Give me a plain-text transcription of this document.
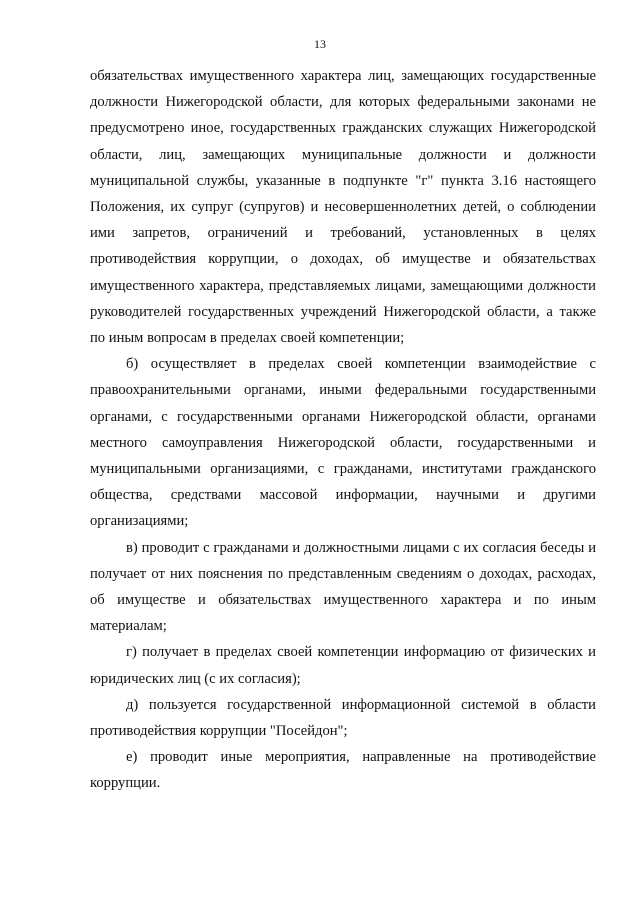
13

обязательствах имущественного характера лиц, замещающих государственные должности Нижегородской области, для которых федеральными законами не предусмотрено иное, государственных гражданских служащих Нижегородской области, лиц, замещающих муниципальные должности и должности муниципальной службы, указанные в подпункте "г" пункта 3.16 настоящего Положения, их супруг (супругов) и несовершеннолетних детей, о соблюдении ими запретов, ограничений и требований, установленных в целях противодействия коррупции, о доходах, об имуществе и обязательствах имущественного характера, представляемых лицами, замещающими должности руководителей государственных учреждений Нижегородской области, а также по иным вопросам в пределах своей компетенции;

б) осуществляет в пределах своей компетенции взаимодействие с правоохранительными органами, иными федеральными государственными органами, с государственными органами Нижегородской области, органами местного самоуправления Нижегородской области, государственными и муниципальными организациями, с гражданами, институтами гражданского общества, средствами массовой информации, научными и другими организациями;

в) проводит с гражданами и должностными лицами с их согласия беседы и получает от них пояснения по представленным сведениям о доходах, расходах, об имуществе и обязательствах имущественного характера и по иным материалам;

г) получает в пределах своей компетенции информацию от физических и юридических лиц (с их согласия);

д) пользуется государственной информационной системой в области противодействия коррупции "Посейдон";

е) проводит иные мероприятия, направленные на противодействие коррупции.
